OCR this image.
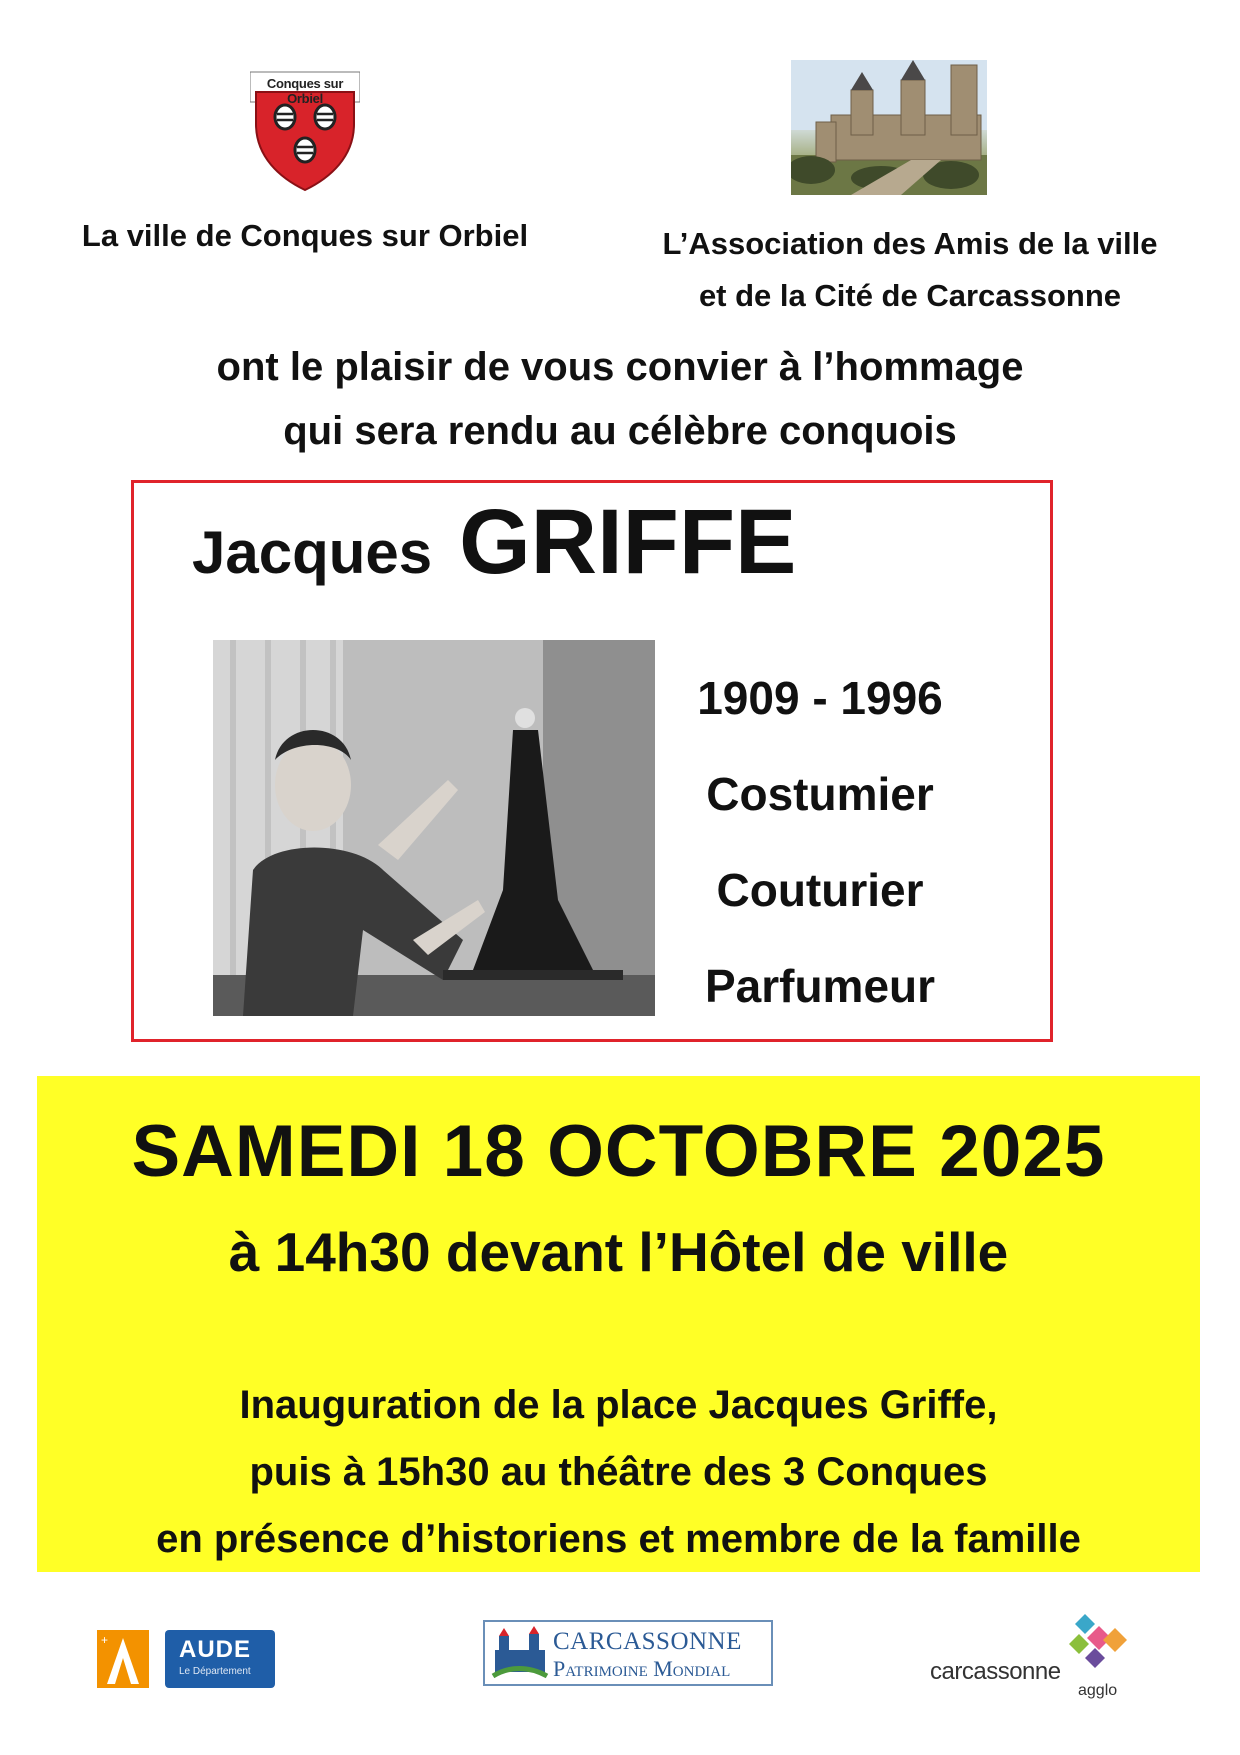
Conques sur Orbiel
La ville de Conques sur Orbiel	L’Association des Amis de la ville
et de la Cité de Carcassonne
ont le plaisir de vous convier à l’hommage
qui sera rendu au célèbre conquois
Jacques GRIFFE
1909 - 1996
Costumier
Couturier
Parfumeur
SAMEDI 18 OCTOBRE 2025
à 14h30 devant l’Hôtel de ville
Inauguration de la place Jacques Griffe,
puis à 15h30 au théâtre des 3 Conques
en présence d’historiens et membre de la famille
+	AUDE
Le Département
CARCASSONNE
Patrimoine Mondial	carcassonne
agglo
